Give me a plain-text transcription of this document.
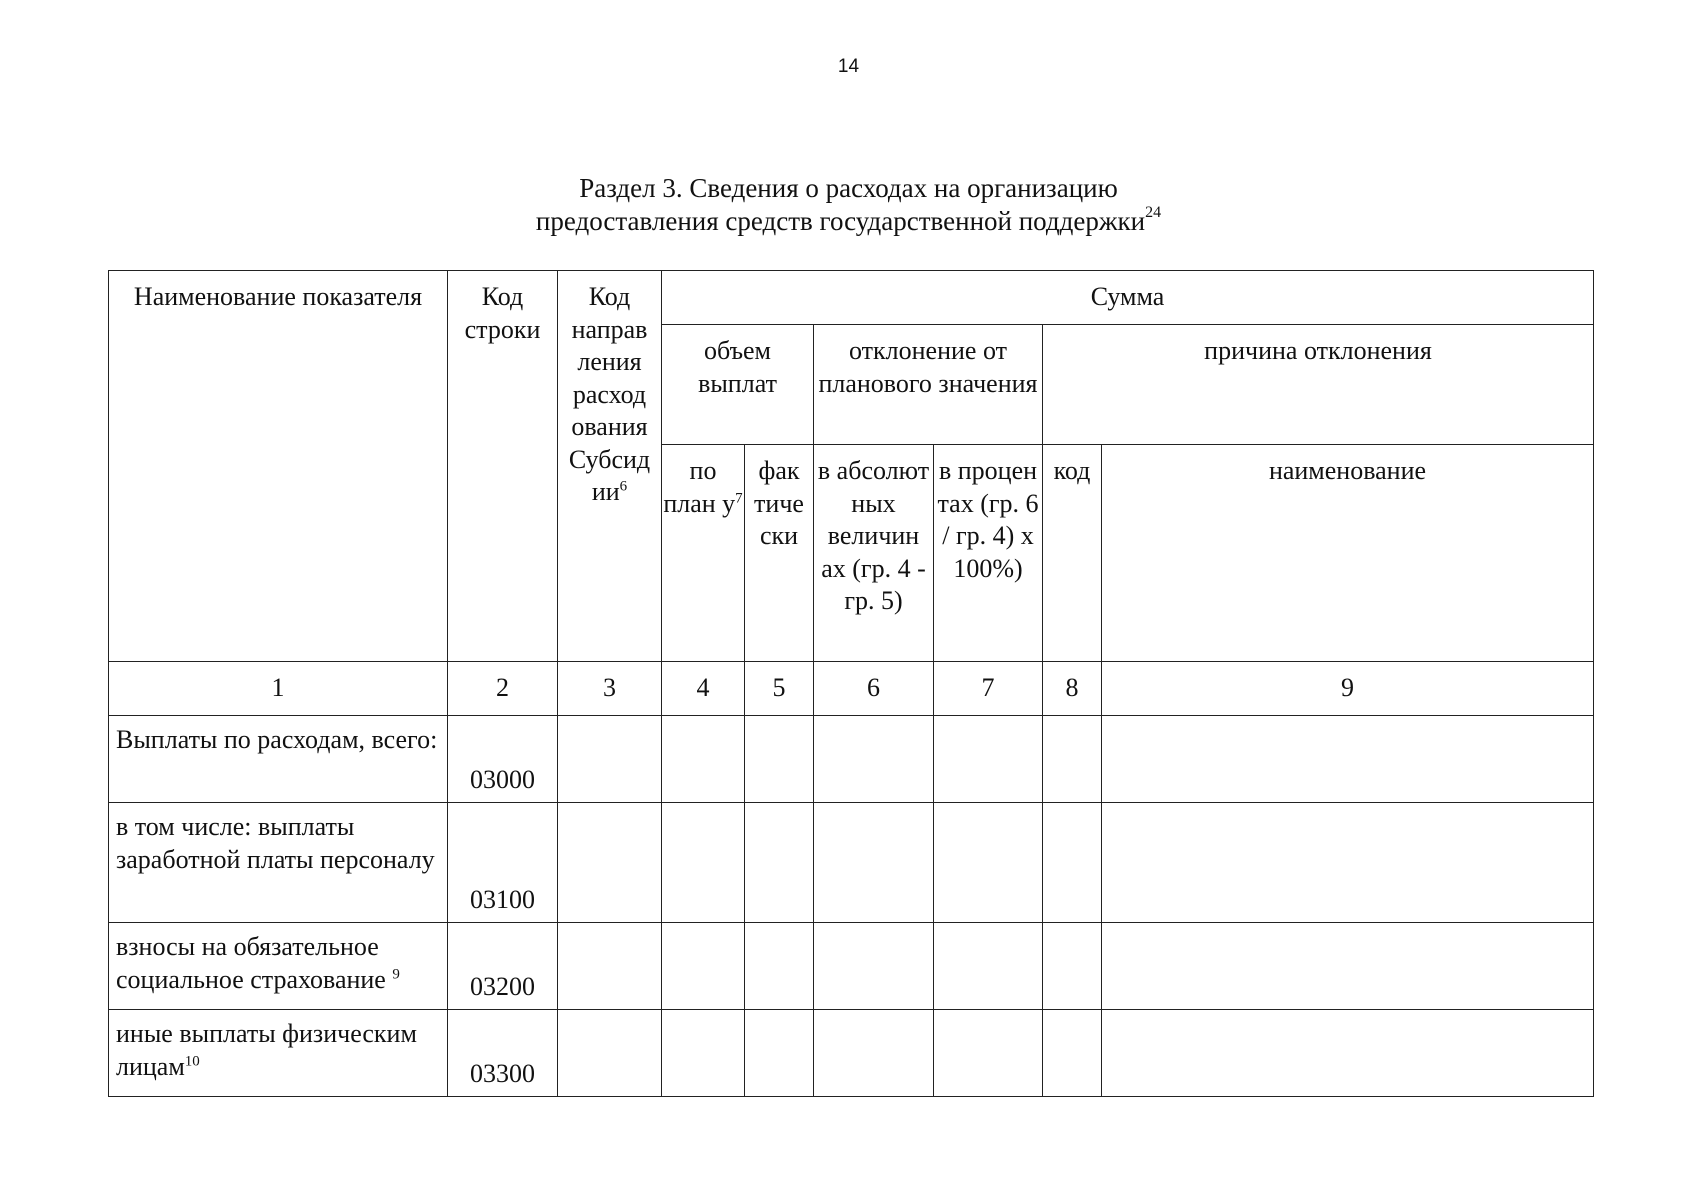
14
Раздел 3. Сведения о расходах на организацию
предоставления средств государственной поддержки$^{24}$
Наименование показателя	Код строки	Код направ ления расход ования Субсид $ии^6$	Сумма					
			объем выплат		отклонение от планового значения		причина отклонения	
			по план $у^7$	фак тиче ски	в абсолют ных величин ах (гр. 4 - гр. 5)	в процен тах (гр. 6 / гр. 4) х 100%)	код	наименование
1	2	3	4	5	6	7	8	9
Выплаты по расходам, всего:	03000							
в том числе: выплаты заработной платы персоналу	03100							
взносы на обязательное социальное страхование $^9$	03200							
иные выплаты физическим лицам$^{10}$	03300							
